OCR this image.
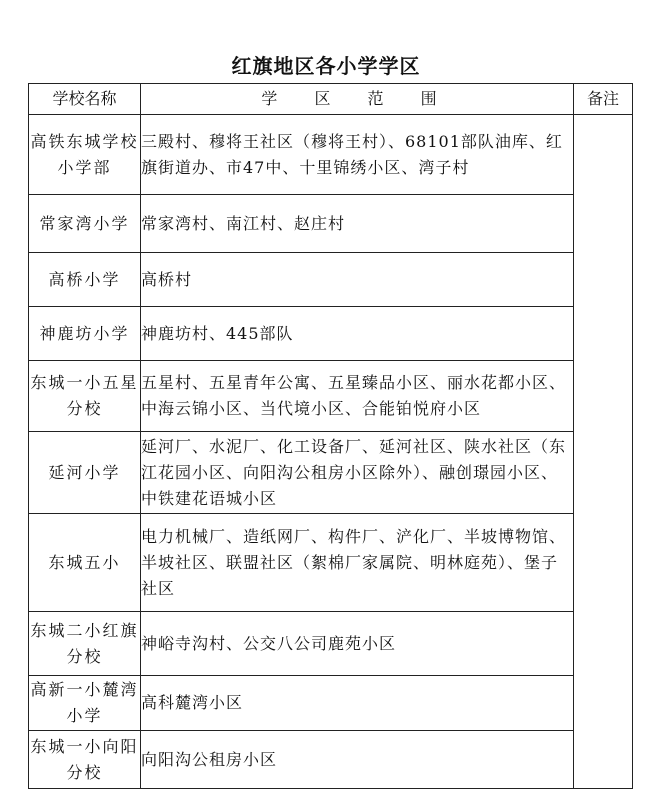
红旗地区各小学学区
学校名称	学 区 范 围	备注
高铁东城学校小学部	三殿村、穆将王社区（穆将王村）、68101部队油库、红旗街道办、市47中、十里锦绣小区、湾子村	
常家湾小学	常家湾村、南江村、赵庄村	
高桥小学	高桥村	
神鹿坊小学	神鹿坊村、445部队	
东城一小五星分校	五星村、五星青年公寓、五星臻品小区、丽水花都小区、中海云锦小区、当代境小区、合能铂悦府小区	
延河小学	延河厂、水泥厂、化工设备厂、延河社区、陕水社区（东江花园小区、向阳沟公租房小区除外）、融创璟园小区、中铁建花语城小区	
东城五小	电力机械厂、造纸网厂、构件厂、浐化厂、半坡博物馆、半坡社区、联盟社区（絮棉厂家属院、明林庭苑）、堡子社区	
东城二小红旗分校	神峪寺沟村、公交八公司鹿苑小区	
高新一小麓湾小学	高科麓湾小区	
东城一小向阳分校	向阳沟公租房小区	
